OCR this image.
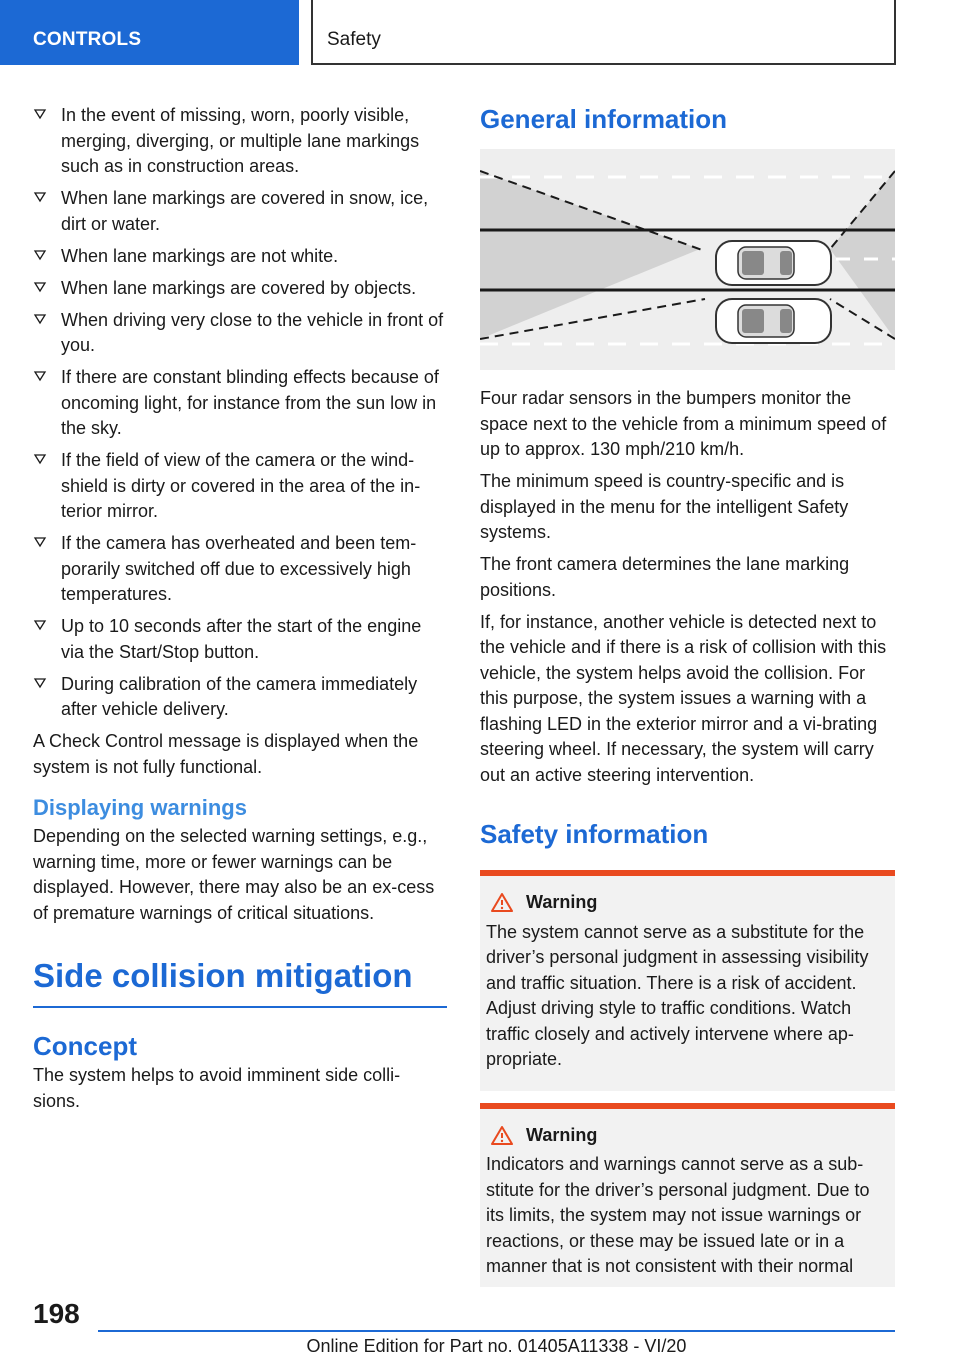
CONTROLS	Safety
In the event of missing, worn, poorly visible, merging, diverging, or multiple lane markings such as in construction areas.
When lane markings are covered in snow, ice, dirt or water.
When lane markings are not white.
When lane markings are covered by objects.
When driving very close to the vehicle in front of you.
If there are constant blinding effects because of oncoming light, for instance from the sun low in the sky.
If the field of view of the camera or the wind‐shield is dirty or covered in the area of the in‐terior mirror.
If the camera has overheated and been tem‐porarily switched off due to excessively high temperatures.
Up to 10 seconds after the start of the engine via the Start/Stop button.
During calibration of the camera immediately after vehicle delivery.

A Check Control message is displayed when the system is not fully functional.

Displaying warnings

Depending on the selected warning settings, e.g., warning time, more or fewer warnings can be displayed. However, there may also be an ex‐cess of premature warnings of critical situations.

Side collision mitigation
Concept

The system helps to avoid imminent side colli‐sions.

General information

Four radar sensors in the bumpers monitor the space next to the vehicle from a minimum speed of up to approx. 130 mph/210 km/h.

The minimum speed is country-specific and is displayed in the menu for the intelligent Safety systems.

The front camera determines the lane marking positions.

If, for instance, another vehicle is detected next to the vehicle and if there is a risk of collision with this vehicle, the system helps avoid the collision. For this purpose, the system issues a warning with a flashing LED in the exterior mirror and a vi‐brating steering wheel. If necessary, the system will carry out an active steering intervention.

Safety information
Warning
The system cannot serve as a substitute for the driver’s personal judgment in assessing visibility and traffic situation. There is a risk of accident. Adjust driving style to traffic conditions. Watch traffic closely and actively intervene where ap‐propriate.
Warning
Indicators and warnings cannot serve as a sub‐stitute for the driver’s personal judgment. Due to its limits, the system may not issue warnings or reactions, or these may be issued late or in a manner that is not consistent with their normal
198
Online Edition for Part no. 01405A11338 - VI/20
